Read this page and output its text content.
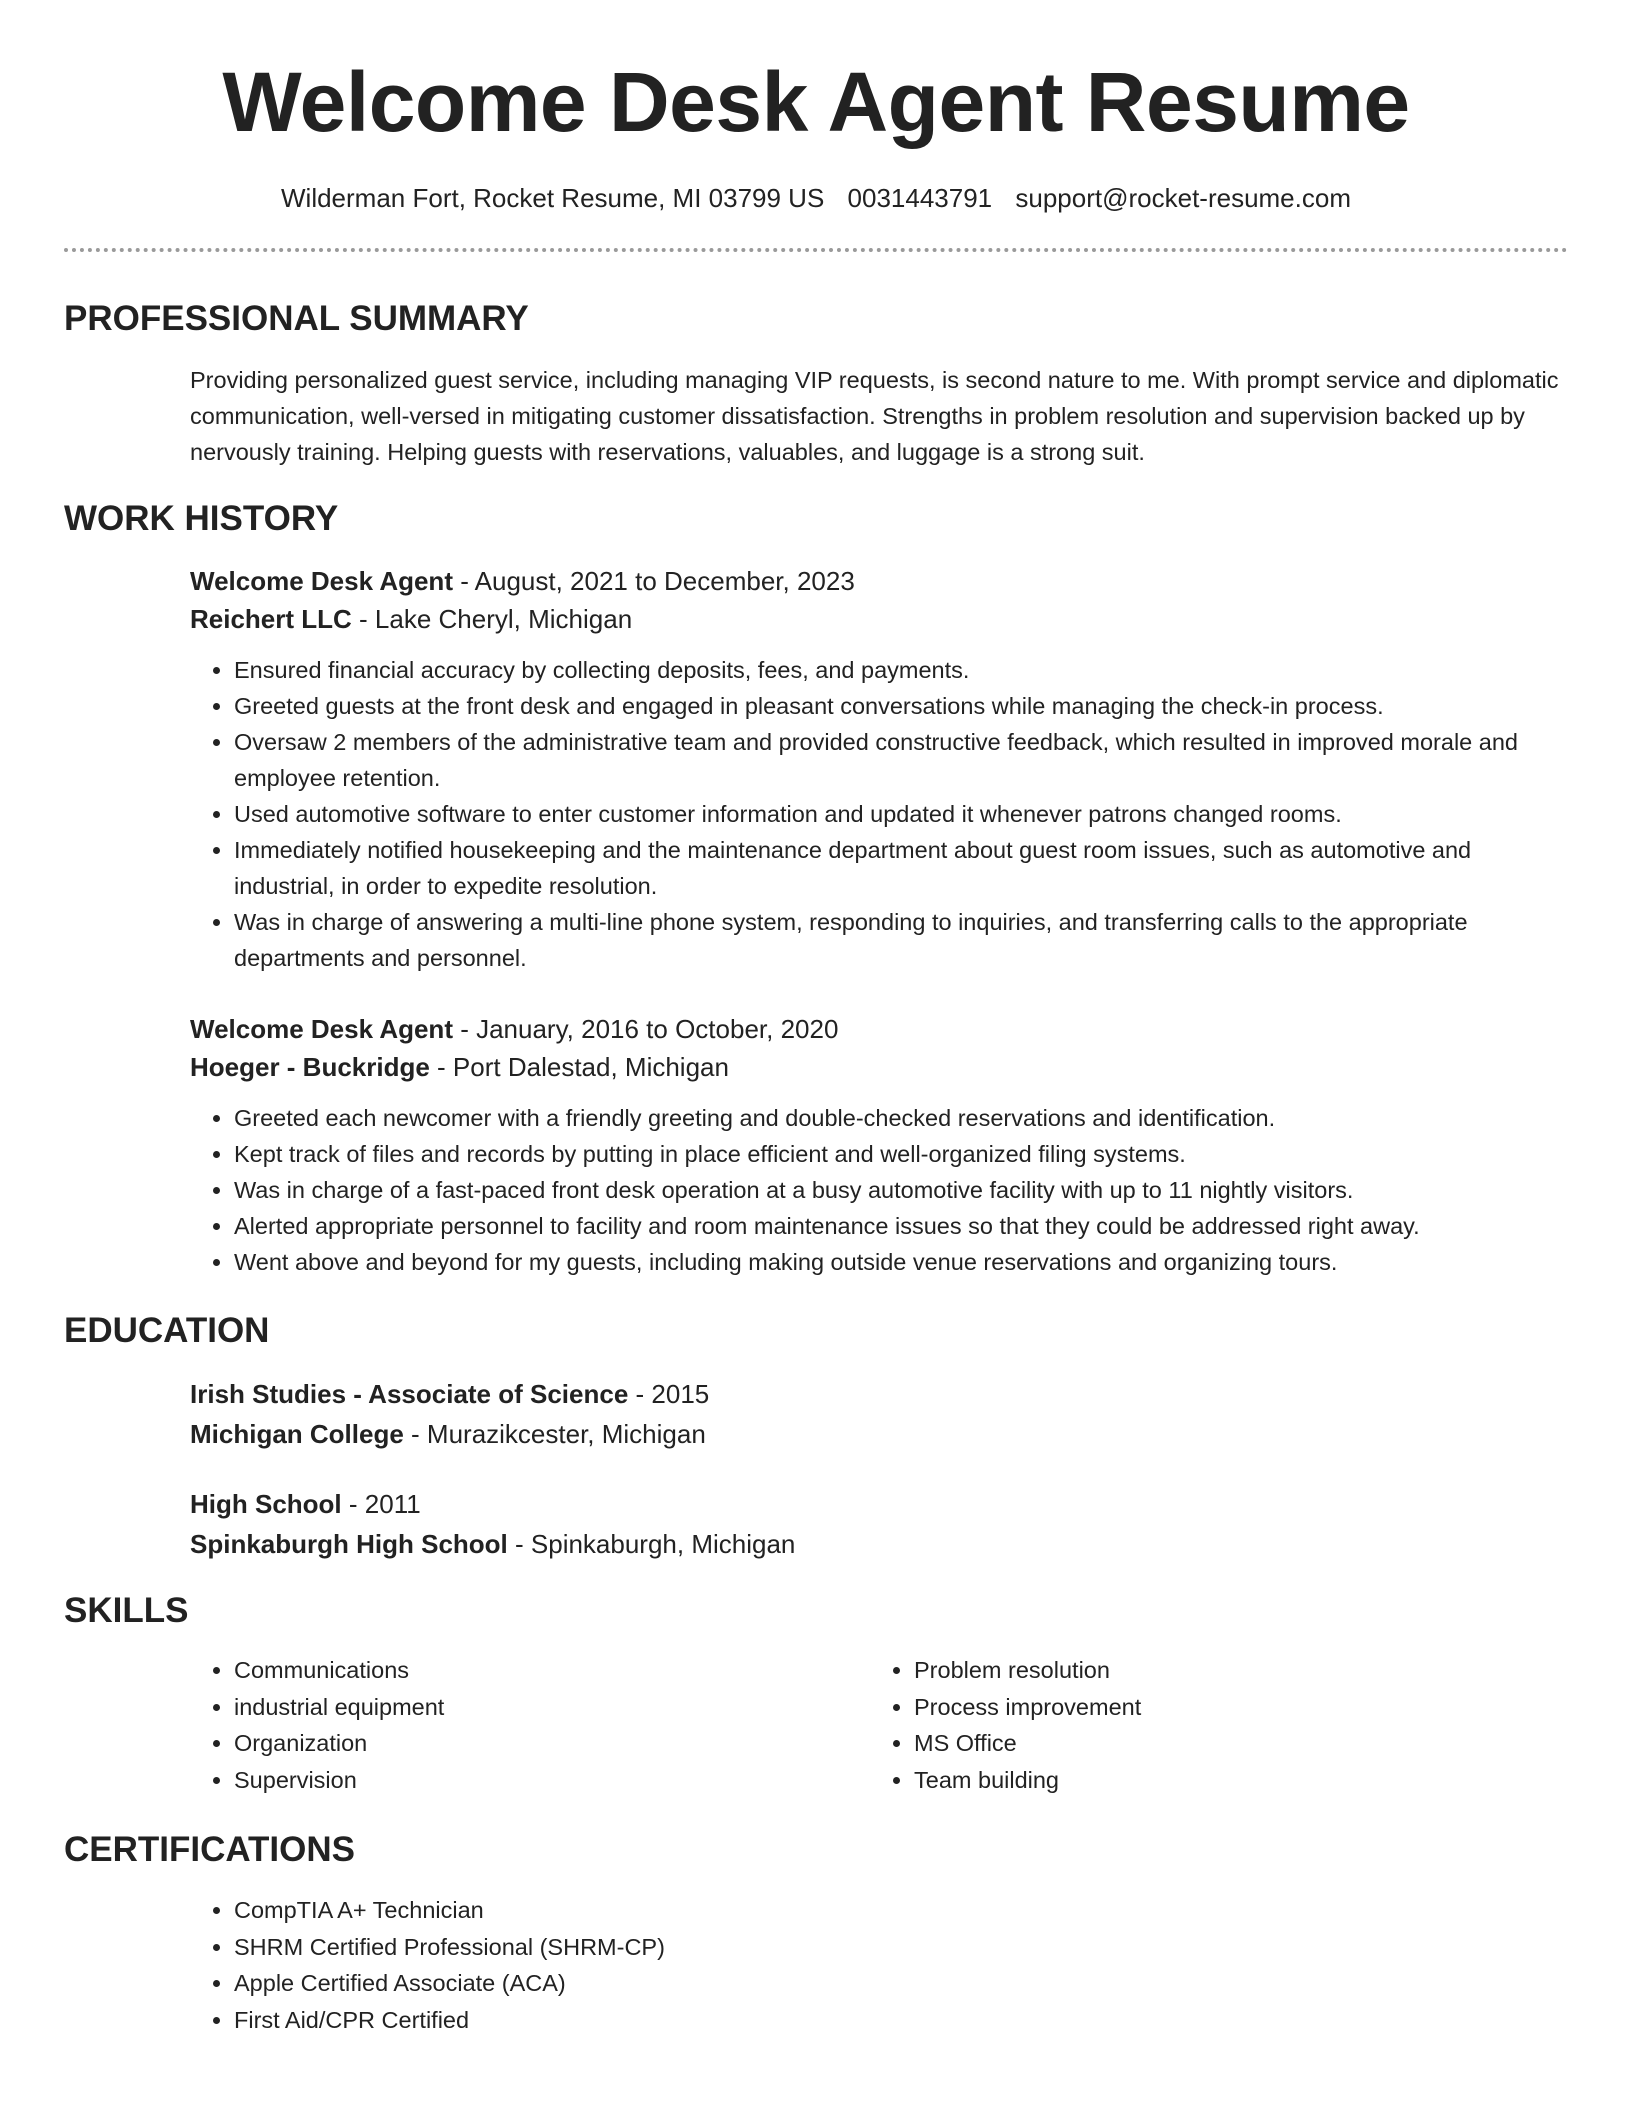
Welcome Desk Agent Resume
Wilderman Fort, Rocket Resume, MI 03799 US 0031443791 support@rocket-resume.com
PROFESSIONAL SUMMARY

Providing personalized guest service, including managing VIP requests, is second nature to me. With prompt service and diplomatic communication, well-versed in mitigating customer dissatisfaction. Strengths in problem resolution and supervision backed up by nervously training. Helping guests with reservations, valuables, and luggage is a strong suit.

WORK HISTORY

Welcome Desk Agent - August, 2021 to December, 2023

Reichert LLC - Lake Cheryl, Michigan

• Ensured financial accuracy by collecting deposits, fees, and payments.
• Greeted guests at the front desk and engaged in pleasant conversations while managing the check-in process.
• Oversaw 2 members of the administrative team and provided constructive feedback, which resulted in improved morale and employee retention.
• Used automotive software to enter customer information and updated it whenever patrons changed rooms.
• Immediately notified housekeeping and the maintenance department about guest room issues, such as automotive and industrial, in order to expedite resolution.
• Was in charge of answering a multi-line phone system, responding to inquiries, and transferring calls to the appropriate departments and personnel.

Welcome Desk Agent - January, 2016 to October, 2020

Hoeger - Buckridge - Port Dalestad, Michigan

• Greeted each newcomer with a friendly greeting and double-checked reservations and identification.
• Kept track of files and records by putting in place efficient and well-organized filing systems.
• Was in charge of a fast-paced front desk operation at a busy automotive facility with up to 11 nightly visitors.
• Alerted appropriate personnel to facility and room maintenance issues so that they could be addressed right away.
• Went above and beyond for my guests, including making outside venue reservations and organizing tours.
EDUCATION

Irish Studies - Associate of Science - 2015

Michigan College - Murazikcester, Michigan

High School - 2011

Spinkaburgh High School - Spinkaburgh, Michigan

SKILLS
• Communications
• industrial equipment
• Organization
• Supervision
• Problem resolution
• Process improvement
• MS Office
• Team building
CERTIFICATIONS
• CompTIA A+ Technician
• SHRM Certified Professional (SHRM-CP)
• Apple Certified Associate (ACA)
• First Aid/CPR Certified
